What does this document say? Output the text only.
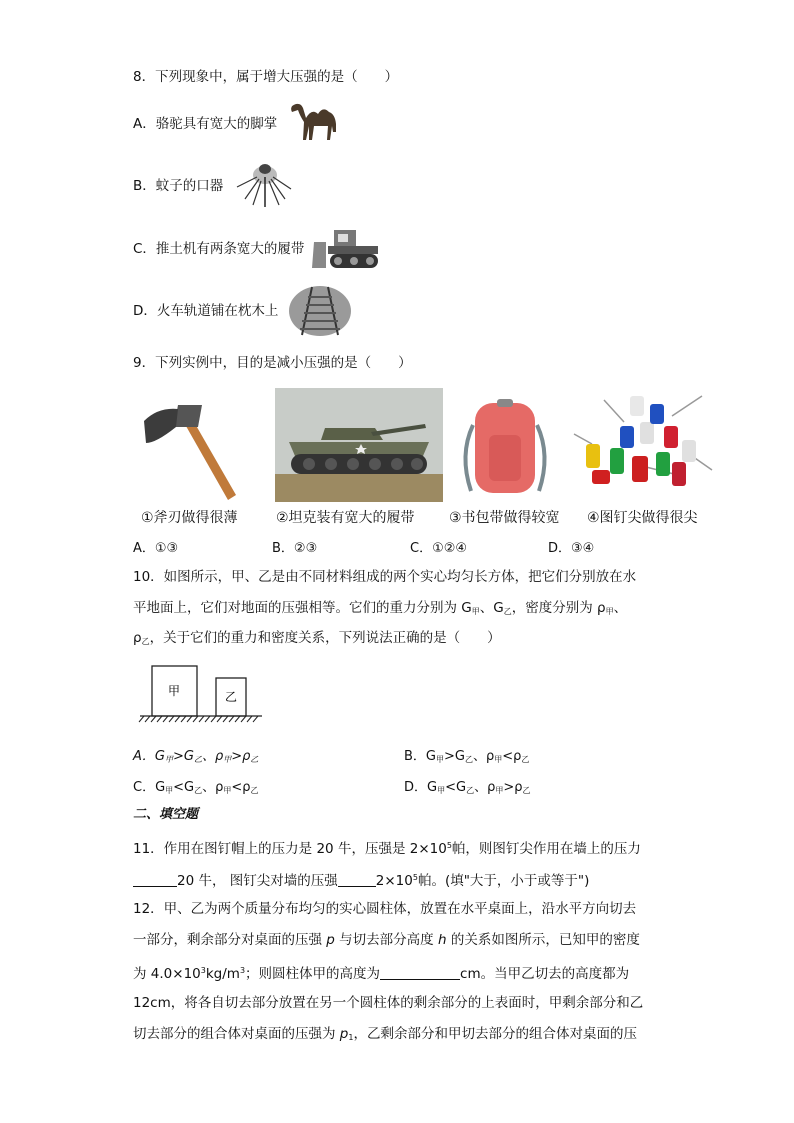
8．下列现象中，属于增大压强的是（　　）
A．骆驼具有宽大的脚掌
B．蚊子的口器
C．推土机有两条宽大的履带
D．火车轨道铺在枕木上
9．下列实例中，目的是减小压强的是（　　）
①斧刃做得很薄	②坦克装有宽大的履带 ③书包带做得较宽 ④图钉尖做得很尖
A．①③	B．②③	C．①②④	D．③④
10．如图所示，甲、乙是由不同材料组成的两个实心均匀长方体，把它们分别放在水
平地面上，它们对地面的压强相等。它们的重力分别为 $G_甲$、$G_乙$，密度分别为 $\rho_甲$、
$\rho_乙$，关于它们的重力和密度关系，下列说法正确的是（　　）
甲	乙
A．$G_甲>G_乙$、$\rho_甲>\rho_乙$	B．$G_甲>G_乙$、$\rho_甲<\rho_乙$
C．$G_甲<G_乙$、$\rho_甲<\rho_乙$	D．$G_甲<G_乙$、$\rho_甲>\rho_乙$
二、填空题
11．作用在图钉帽上的压力是 20 牛，压强是 $2\times 10^5$帕，则图钉尖作用在墙上的压力
20 牛， 图钉尖对墙的压强	$2\times 10^5$帕。(填"大于，小于或等于")
12．甲、乙为两个质量分布均匀的实心圆柱体，放置在水平桌面上，沿水平方向切去
一部分，剩余部分对桌面的压强 p 与切去部分高度 h 的关系如图所示，已知甲的密度
为 $4.0\times 10^3kg/m^3$；则圆柱体甲的高度为	cm。当甲乙切去的高度都为
12cm，将各自切去部分放置在另一个圆柱体的剩余部分的上表面时，甲剩余部分和乙
切去部分的组合体对桌面的压强为 $p_1$，乙剩余部分和甲切去部分的组合体对桌面的压
